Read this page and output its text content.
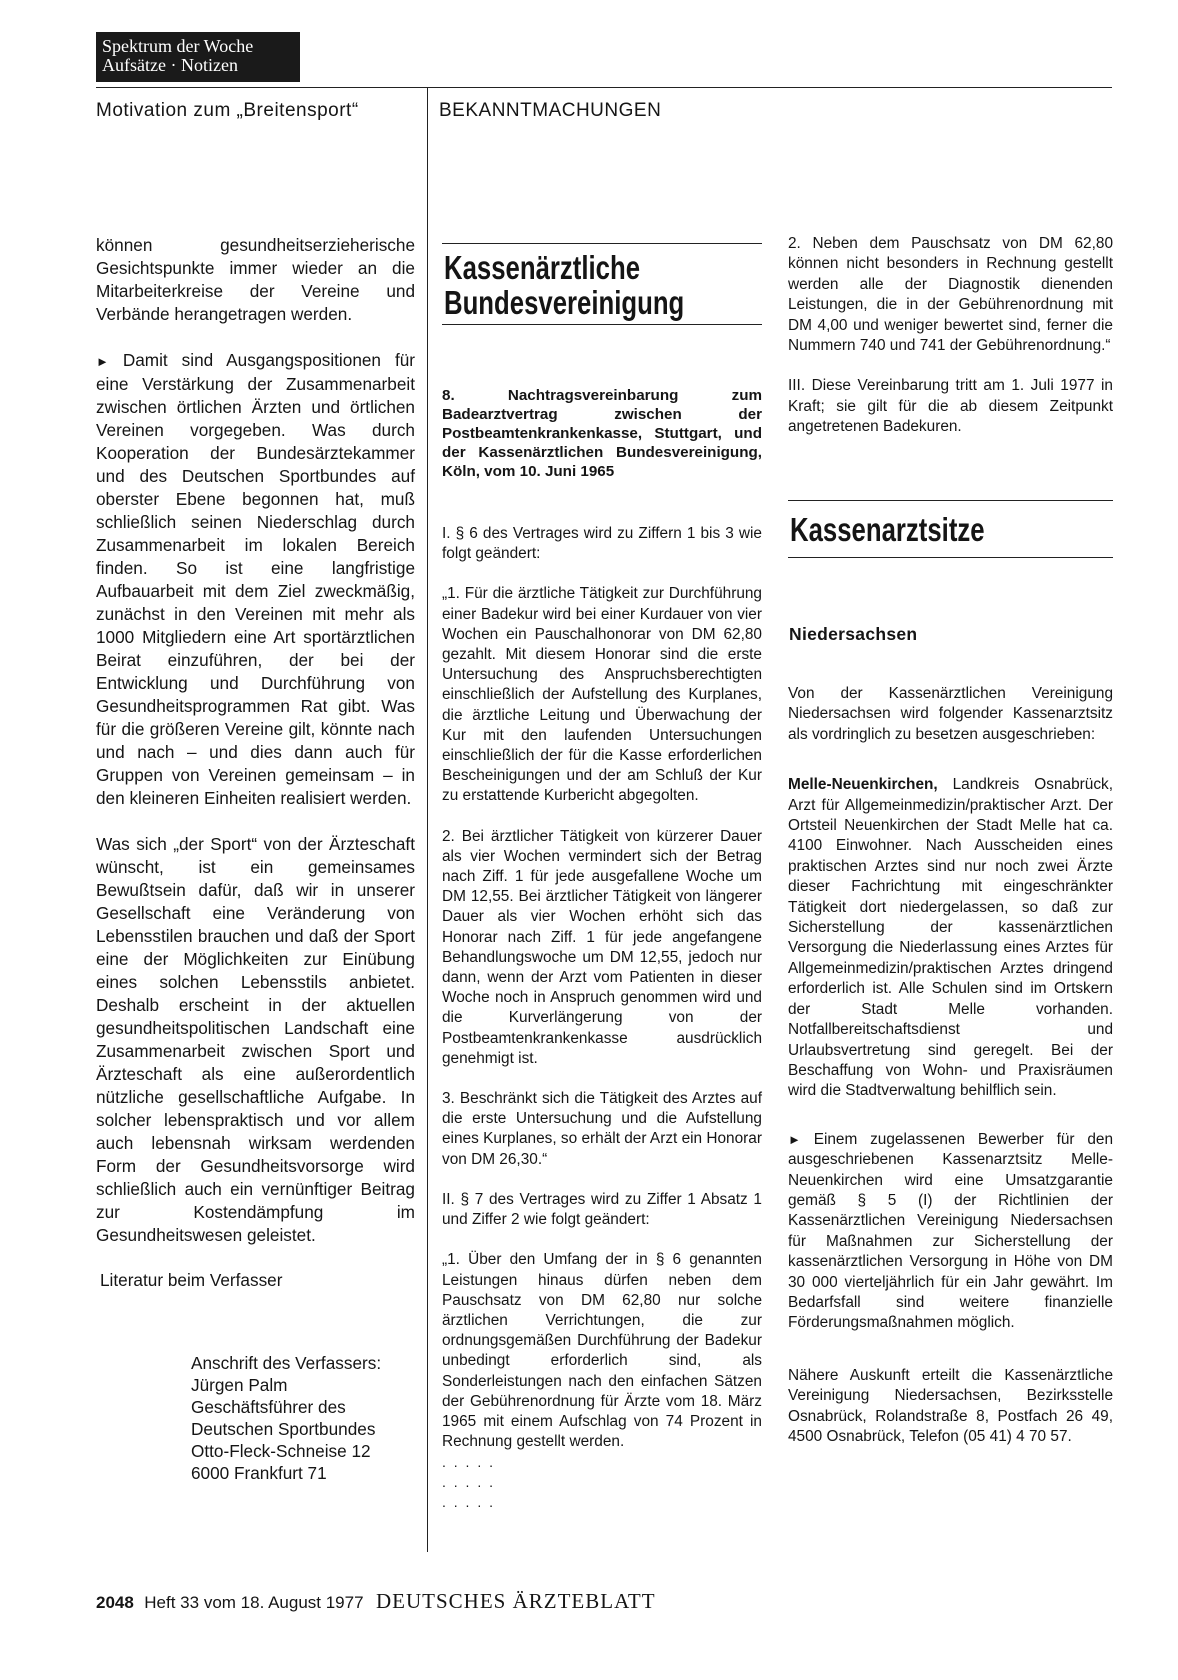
Spektrum der Woche
Aufsätze · Notizen
Motivation zum „Breitensport“	BEKANNTMACHUNGEN

können gesundheitserzieherische Gesichtspunkte immer wieder an die Mitarbeiterkreise der Vereine und Verbände herangetragen werden.

► Damit sind Ausgangspositionen für eine Verstärkung der Zusammenarbeit zwischen örtlichen Ärzten und örtlichen Vereinen vorgegeben. Was durch Kooperation der Bundesärztekammer und des Deutschen Sportbundes auf oberster Ebene begonnen hat, muß schließlich seinen Niederschlag durch Zusammenarbeit im lokalen Bereich finden. So ist eine langfristige Aufbauarbeit mit dem Ziel zweckmäßig, zunächst in den Vereinen mit mehr als 1000 Mitgliedern eine Art sportärztlichen Beirat einzuführen, der bei der Entwicklung und Durchführung von Gesundheitsprogrammen Rat gibt. Was für die größeren Vereine gilt, könnte nach und nach – und dies dann auch für Gruppen von Vereinen gemeinsam – in den kleineren Einheiten realisiert werden.

Was sich „der Sport“ von der Ärzteschaft wünscht, ist ein gemeinsames Bewußtsein dafür, daß wir in unserer Gesellschaft eine Veränderung von Lebensstilen brauchen und daß der Sport eine der Möglichkeiten zur Einübung eines solchen Lebensstils anbietet. Deshalb erscheint in der aktuellen gesundheitspolitischen Landschaft eine Zusammenarbeit zwischen Sport und Ärzteschaft als eine außerordentlich nützliche gesellschaftliche Aufgabe. In solcher lebenspraktisch und vor allem auch lebensnah wirksam werdenden Form der Gesundheitsvorsorge wird schließlich auch ein vernünftiger Beitrag zur Kostendämpfung im Gesundheitswesen geleistet.

Literatur beim Verfasser
Anschrift des Verfassers:
Jürgen Palm
Geschäftsführer des
Deutschen Sportbundes
Otto-Fleck-Schneise 12
6000 Frankfurt 71
Kassenärztliche
Bundesvereinigung
8. Nachtragsvereinbarung zum Badearztvertrag zwischen der Postbeamtenkrankenkasse, Stuttgart, und der Kassenärztlichen Bundesvereinigung, Köln, vom 10. Juni 1965

I. § 6 des Vertrages wird zu Ziffern 1 bis 3 wie folgt geändert:

„1. Für die ärztliche Tätigkeit zur Durchführung einer Badekur wird bei einer Kurdauer von vier Wochen ein Pauschalhonorar von DM 62,80 gezahlt. Mit diesem Honorar sind die erste Untersuchung des Anspruchsberechtigten einschließlich der Aufstellung des Kurplanes, die ärztliche Leitung und Überwachung der Kur mit den laufenden Untersuchungen einschließlich der für die Kasse erforderlichen Bescheinigungen und der am Schluß der Kur zu erstattende Kurbericht abgegolten.

2. Bei ärztlicher Tätigkeit von kürzerer Dauer als vier Wochen vermindert sich der Betrag nach Ziff. 1 für jede ausgefallene Woche um DM 12,55. Bei ärztlicher Tätigkeit von längerer Dauer als vier Wochen erhöht sich das Honorar nach Ziff. 1 für jede angefangene Behandlungswoche um DM 12,55, jedoch nur dann, wenn der Arzt vom Patienten in dieser Woche noch in Anspruch genommen wird und die Kurverlängerung von der Postbeamtenkrankenkasse ausdrücklich genehmigt ist.

3. Beschränkt sich die Tätigkeit des Arztes auf die erste Untersuchung und die Aufstellung eines Kurplanes, so erhält der Arzt ein Honorar von DM 26,30.“

II. § 7 des Vertrages wird zu Ziffer 1 Absatz 1 und Ziffer 2 wie folgt geändert:

„1. Über den Umfang der in § 6 genannten Leistungen hinaus dürfen neben dem Pauschsatz von DM 62,80 nur solche ärztlichen Verrichtungen, die zur ordnungsgemäßen Durchführung der Badekur unbedingt erforderlich sind, als Sonderleistungen nach den einfachen Sätzen der Gebührenordnung für Ärzte vom 18. März 1965 mit einem Aufschlag von 74 Prozent in Rechnung gestellt werden.

. . . . .
. . . . .
. . . . .

2. Neben dem Pauschsatz von DM 62,80 können nicht besonders in Rechnung gestellt werden alle der Diagnostik dienenden Leistungen, die in der Gebührenordnung mit DM 4,00 und weniger bewertet sind, ferner die Nummern 740 und 741 der Gebührenordnung.“

III. Diese Vereinbarung tritt am 1. Juli 1977 in Kraft; sie gilt für die ab diesem Zeitpunkt angetretenen Badekuren.

Kassenarztsitze
Niedersachsen

Von der Kassenärztlichen Vereinigung Niedersachsen wird folgender Kassenarztsitz als vordringlich zu besetzen ausgeschrieben:

Melle-Neuenkirchen, Landkreis Osnabrück, Arzt für Allgemeinmedizin/praktischer Arzt. Der Ortsteil Neuenkirchen der Stadt Melle hat ca. 4100 Einwohner. Nach Ausscheiden eines praktischen Arztes sind nur noch zwei Ärzte dieser Fachrichtung mit eingeschränkter Tätigkeit dort niedergelassen, so daß zur Sicherstellung der kassenärztlichen Versorgung die Niederlassung eines Arztes für Allgemeinmedizin/praktischen Arztes dringend erforderlich ist. Alle Schulen sind im Ortskern der Stadt Melle vorhanden. Notfallbereitschaftsdienst und Urlaubsvertretung sind geregelt. Bei der Beschaffung von Wohn- und Praxisräumen wird die Stadtverwaltung behilflich sein.

► Einem zugelassenen Bewerber für den ausgeschriebenen Kassenarztsitz Melle-Neuenkirchen wird eine Umsatzgarantie gemäß § 5 (I) der Richtlinien der Kassenärztlichen Vereinigung Niedersachsen für Maßnahmen zur Sicherstellung der kassenärztlichen Versorgung in Höhe von DM 30 000 vierteljährlich für ein Jahr gewährt. Im Bedarfsfall sind weitere finanzielle Förderungsmaßnahmen möglich.

Nähere Auskunft erteilt die Kassenärztliche Vereinigung Niedersachsen, Bezirksstelle Osnabrück, Rolandstraße 8, Postfach 26 49, 4500 Osnabrück, Telefon (05 41) 4 70 57.

2048 Heft 33 vom 18. August 1977 DEUTSCHES ÄRZTEBLATT
